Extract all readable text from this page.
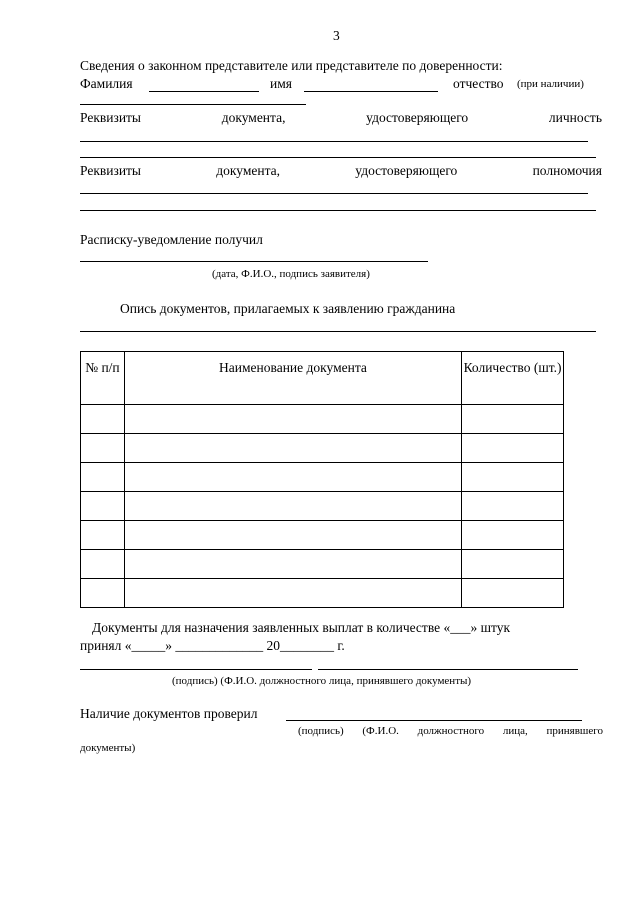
3
Сведения о законном представителе или представителе по доверенности:
Фамилия	имя	отчество (при наличии)
Реквизиты	документа,	удостоверяющего	личность
Реквизиты	документа,	удостоверяющего	полномочия
Расписку-уведомление получил
(дата, Ф.И.О., подпись заявителя)
Опись документов, прилагаемых к заявлению гражданина
№ п/п	Наименование документа	Количество (шт.)

Документы для назначения заявленных выплат в количестве «___» штук
принял «_____» _____________ 20________ г.
(подпись) (Ф.И.О. должностного лица, принявшего документы)
Наличие документов проверил
(подпись) (Ф.И.О. должностного лица, принявшего
документы)
